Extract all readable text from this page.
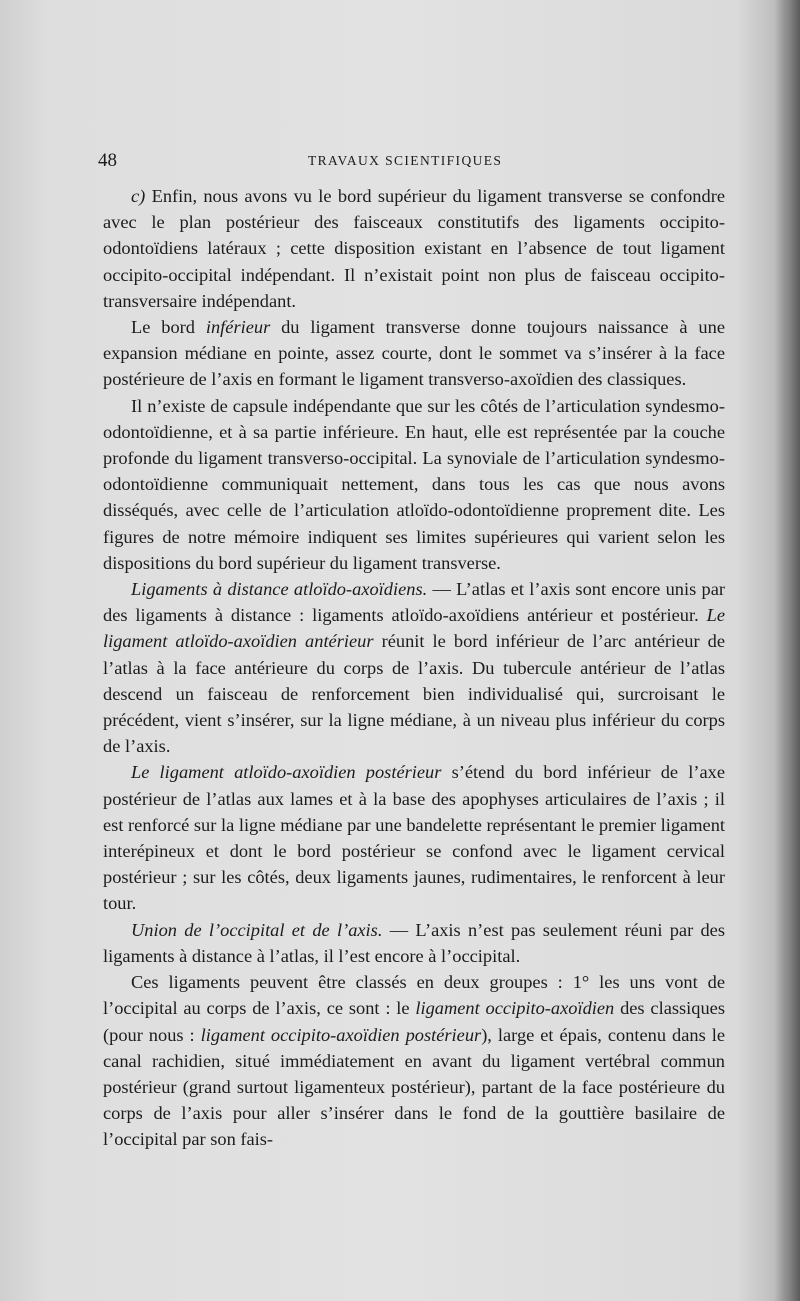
48	TRAVAUX SCIENTIFIQUES

c) Enfin, nous avons vu le bord supérieur du ligament transverse se confondre avec le plan postérieur des faisceaux constitutifs des ligaments occipito-odontoïdiens latéraux ; cette disposition existant en l’absence de tout ligament occipito-occipital indépendant. Il n’existait point non plus de faisceau occipito-transversaire indépendant.

Le bord inférieur du ligament transverse donne toujours naissance à une expansion médiane en pointe, assez courte, dont le sommet va s’insérer à la face postérieure de l’axis en formant le ligament transverso-axoïdien des classiques.

Il n’existe de capsule indépendante que sur les côtés de l’articulation syndesmo-odontoïdienne, et à sa partie inférieure. En haut, elle est représentée par la couche profonde du ligament transverso-occipital. La synoviale de l’articulation syndesmo-odontoïdienne communiquait nettement, dans tous les cas que nous avons disséqués, avec celle de l’articulation atloïdo-odontoïdienne proprement dite. Les figures de notre mémoire indiquent ses limites supérieures qui varient selon les dispositions du bord supérieur du ligament transverse.

Ligaments à distance atloïdo-axoïdiens. — L’atlas et l’axis sont encore unis par des ligaments à distance : ligaments atloïdo-axoïdiens antérieur et postérieur. Le ligament atloïdo-axoïdien antérieur réunit le bord inférieur de l’arc antérieur de l’atlas à la face antérieure du corps de l’axis. Du tubercule antérieur de l’atlas descend un faisceau de renforcement bien individualisé qui, surcroisant le précédent, vient s’insérer, sur la ligne médiane, à un niveau plus inférieur du corps de l’axis.

Le ligament atloïdo-axoïdien postérieur s’étend du bord inférieur de l’axe postérieur de l’atlas aux lames et à la base des apophyses articulaires de l’axis ; il est renforcé sur la ligne médiane par une bandelette représentant le premier ligament interépineux et dont le bord postérieur se confond avec le ligament cervical postérieur ; sur les côtés, deux ligaments jaunes, rudimentaires, le renforcent à leur tour.

Union de l’occipital et de l’axis. — L’axis n’est pas seulement réuni par des ligaments à distance à l’atlas, il l’est encore à l’occipital.

Ces ligaments peuvent être classés en deux groupes : 1° les uns vont de l’occipital au corps de l’axis, ce sont : le ligament occipito-axoïdien des classiques (pour nous : ligament occipito-axoïdien postérieur), large et épais, contenu dans le canal rachidien, situé immédiatement en avant du ligament vertébral commun postérieur (grand surtout ligamenteux postérieur), partant de la face postérieure du corps de l’axis pour aller s’insérer dans le fond de la gouttière basilaire de l’occipital par son fais-
